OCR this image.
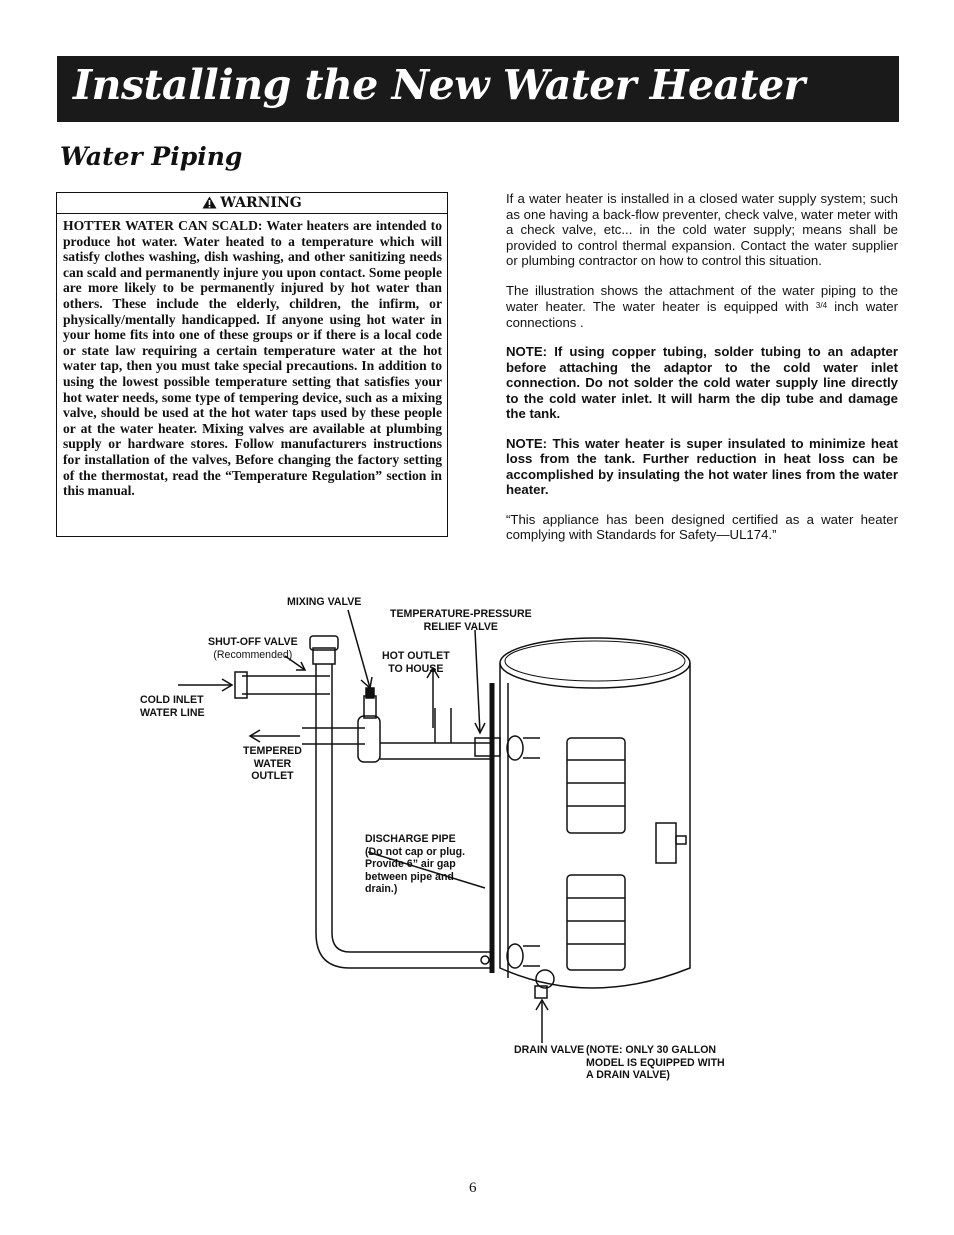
Installing the New Water Heater
Water Piping
WARNING
HOTTER WATER CAN SCALD: Water heaters are intended to produce hot water. Water heated to a temperature which will satisfy clothes washing, dish washing, and other sanitizing needs can scald and permanently injure you upon contact. Some people are more likely to be permanently injured by hot water than others. These include the elderly, children, the infirm, or physically/mentally handicapped. If anyone using hot water in your home fits into one of these groups or if there is a local code or state law requiring a certain temperature water at the hot water tap, then you must take special precautions. In addition to using the lowest possible temperature setting that satisfies your hot water needs, some type of tempering device, such as a mixing valve, should be used at the hot water taps used by these people or at the water heater. Mixing valves are available at plumbing supply or hardware stores. Follow manufacturers instructions for installation of the valves, Before changing the factory setting of the thermostat, read the “Temperature Regulation” section in this manual.

If a water heater is installed in a closed water supply system; such as one having a back-flow preventer, check valve, water meter with a check valve, etc... in the cold water supply; means shall be provided to control thermal expansion. Contact the water supplier or plumbing contractor on how to control this situation.

The illustration shows the attachment of the water piping to the water heater. The water heater is equipped with $^{3/4}$ inch water connections .

NOTE: If using copper tubing, solder tubing to an adapter before attaching the adaptor to the cold water inlet connection. Do not solder the cold water supply line directly to the cold water inlet. It will harm the dip tube and damage the tank.

NOTE: This water heater is super insulated to minimize heat loss from the tank. Further reduction in heat loss can be accomplished by insulating the hot water lines from the water heater.

“This appliance has been designed certified as a water heater complying with Standards for Safety—UL174.”

MIXING VALVE
TEMPERATURE-PRESSURE
RELIEF VALVE
SHUT-OFF VALVE
(Recommended)	HOT OUTLET
TO HOUSE
COLD INLET
WATER LINE
TEMPERED
WATER
OUTLET
DISCHARGE PIPE
(Do not cap or plug.
Provide 6” air gap
between pipe and
drain.)
DRAIN VALVE (NOTE: ONLY 30 GALLON
MODEL IS EQUIPPED WITH
A DRAIN VALVE)
6
